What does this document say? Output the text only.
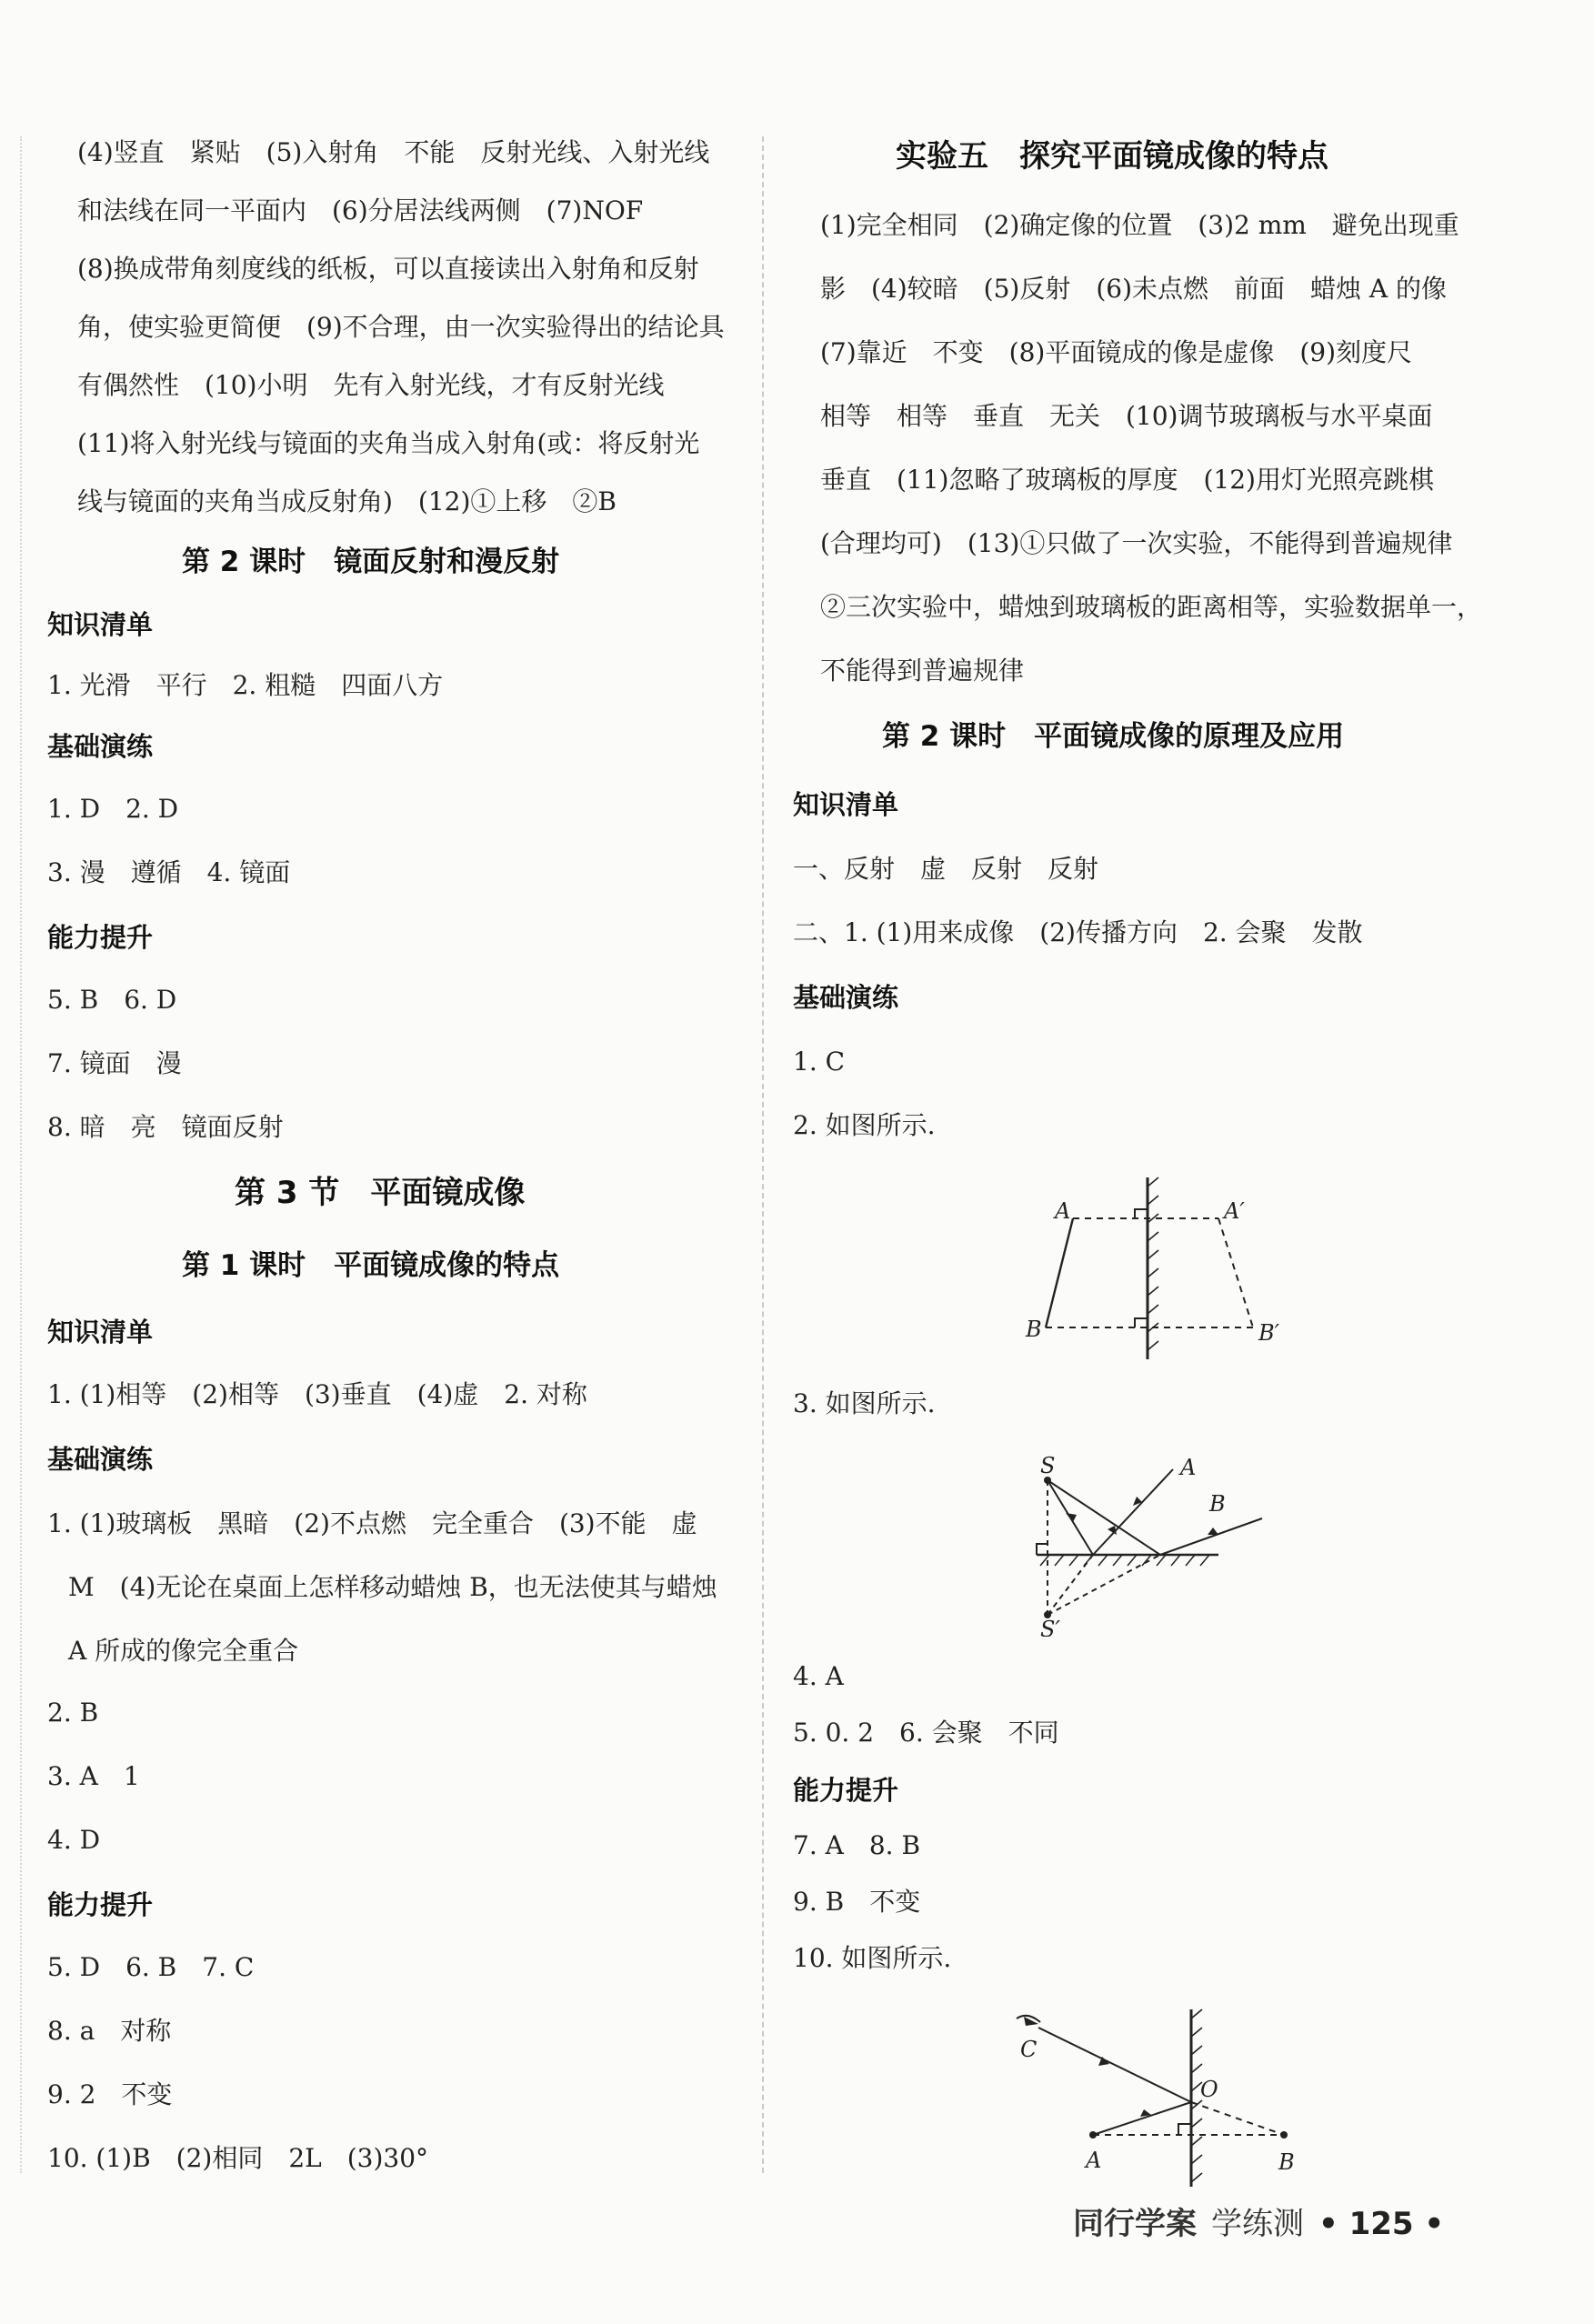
(4)竖直　紧贴　(5)入射角　不能　反射光线、入射光线
和法线在同一平面内　(6)分居法线两侧　(7)NOF
(8)换成带角刻度线的纸板，可以直接读出入射角和反射
角，使实验更简便　(9)不合理，由一次实验得出的结论具
有偶然性　(10)小明　先有入射光线，才有反射光线
(11)将入射光线与镜面的夹角当成入射角(或：将反射光
线与镜面的夹角当成反射角)　(12)①上移　②B
第 2 课时　镜面反射和漫反射
知识清单
1. 光滑　平行　2. 粗糙　四面八方
基础演练
1. D　2. D
3. 漫　遵循　4. 镜面
能力提升
5. B　6. D
7. 镜面　漫
8. 暗　亮　镜面反射
第 3 节　平面镜成像
第 1 课时　平面镜成像的特点
知识清单
1. (1)相等　(2)相等　(3)垂直　(4)虚　2. 对称
基础演练
1. (1)玻璃板　黑暗　(2)不点燃　完全重合　(3)不能　虚
M　(4)无论在桌面上怎样移动蜡烛 B，也无法使其与蜡烛
A 所成的像完全重合
2. B
3. A　1
4. D
能力提升
5. D　6. B　7. C
8. a　对称
9. 2　不变
10. (1)B　(2)相同　2L　(3)30°
实验五　探究平面镜成像的特点
(1)完全相同　(2)确定像的位置　(3)2 mm　避免出现重
影　(4)较暗　(5)反射　(6)未点燃　前面　蜡烛 A 的像
(7)靠近　不变　(8)平面镜成的像是虚像　(9)刻度尺
相等　相等　垂直　无关　(10)调节玻璃板与水平桌面
垂直　(11)忽略了玻璃板的厚度　(12)用灯光照亮跳棋
(合理均可)　(13)①只做了一次实验，不能得到普遍规律
②三次实验中，蜡烛到玻璃板的距离相等，实验数据单一，
不能得到普遍规律
第 2 课时　平面镜成像的原理及应用
知识清单
一、反射　虚　反射　反射
二、1. (1)用来成像　(2)传播方向　2. 会聚　发散
基础演练
1. C
2. 如图所示.
3. 如图所示.
4. A
5. 0. 2　6. 会聚　不同
能力提升
7. A　8. B
9. B　不变
10. 如图所示.
A	A′
B	B′
S
S′
A
B
C
O
A	B
同行学案 学练测 • 125 •
